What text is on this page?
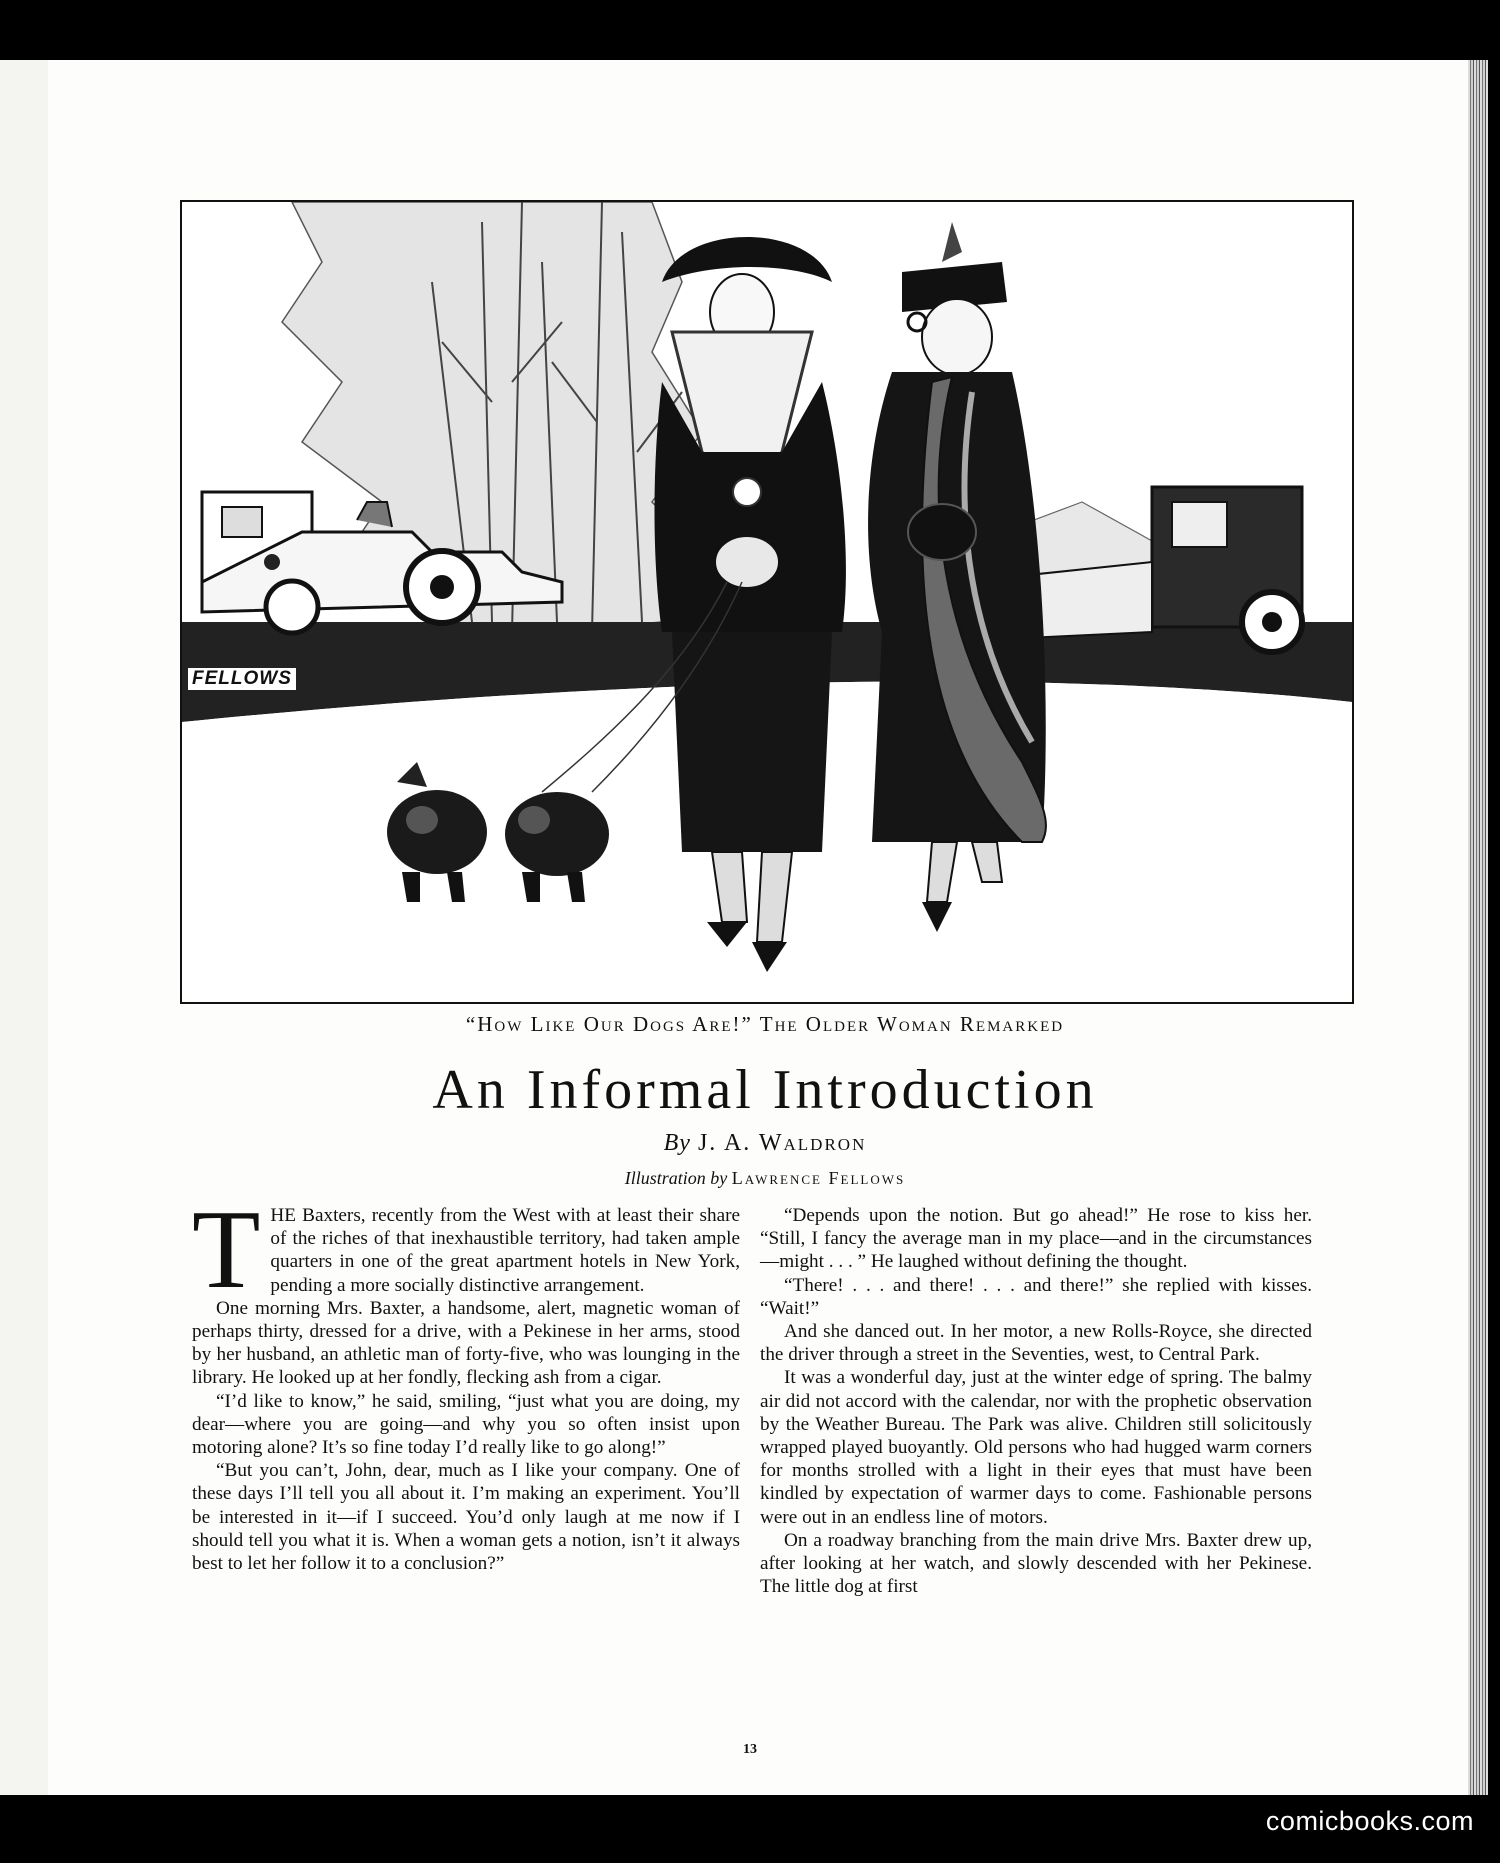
FELLOWS
“How Like Our Dogs Are!” The Older Woman Remarked
An Informal Introduction
By J. A. Waldron
Illustration by Lawrence Fellows

THE Baxters, recently from the West with at least their share of the riches of that inexhaustible territory, had taken ample quarters in one of the great apartment hotels in New York, pending a more socially distinctive arrangement.

One morning Mrs. Baxter, a handsome, alert, magnetic woman of perhaps thirty, dressed for a drive, with a Pekinese in her arms, stood by her husband, an athletic man of forty-five, who was lounging in the library. He looked up at her fondly, flecking ash from a cigar.

“I’d like to know,” he said, smiling, “just what you are doing, my dear—where you are going—and why you so often insist upon motoring alone? It’s so fine today I’d really like to go along!”

“But you can’t, John, dear, much as I like your company. One of these days I’ll tell you all about it. I’m making an experiment. You’ll be interested in it—if I succeed. You’d only laugh at me now if I should tell you what it is. When a woman gets a notion, isn’t it always best to let her follow it to a conclusion?”

“Depends upon the notion. But go ahead!” He rose to kiss her. “Still, I fancy the average man in my place—and in the circumstances—might . . . ” He laughed without defining the thought.

“There! . . . and there! . . . and there!” she replied with kisses. “Wait!”

And she danced out. In her motor, a new Rolls-Royce, she directed the driver through a street in the Seventies, west, to Central Park.

It was a wonderful day, just at the winter edge of spring. The balmy air did not accord with the calendar, nor with the prophetic observation by the Weather Bureau. The Park was alive. Children still solicitously wrapped played buoyantly. Old persons who had hugged warm corners for months strolled with a light in their eyes that must have been kindled by expectation of warmer days to come. Fashionable persons were out in an endless line of motors.

On a roadway branching from the main drive Mrs. Baxter drew up, after looking at her watch, and slowly descended with her Pekinese. The little dog at first

13
comicbooks.com
